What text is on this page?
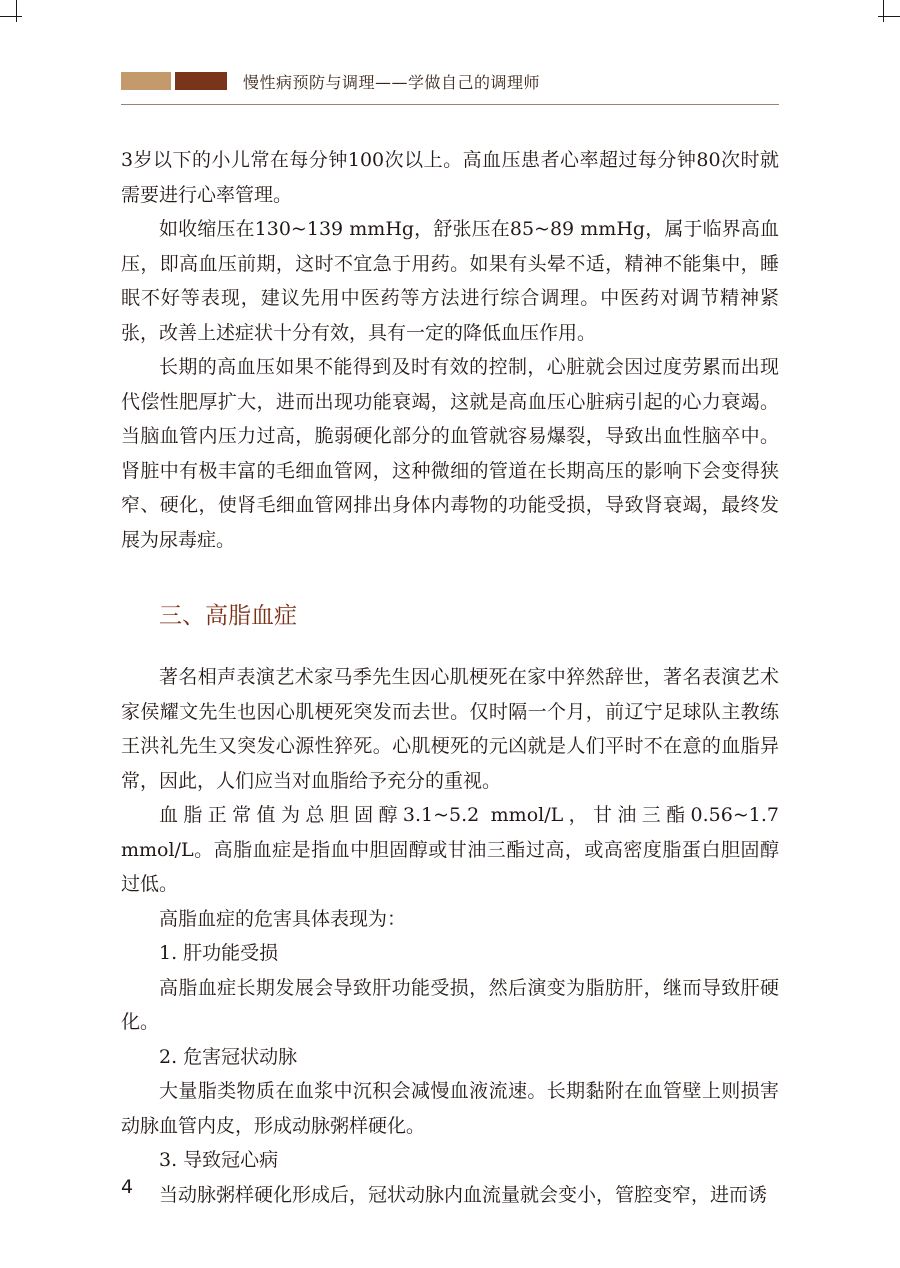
慢性病预防与调理——学做自己的调理师

3岁以下的小儿常在每分钟100次以上。高血压患者心率超过每分钟80次时就需要进行心率管理。

如收缩压在130~139 mmHg，舒张压在85~89 mmHg，属于临界高血压，即高血压前期，这时不宜急于用药。如果有头晕不适，精神不能集中，睡眠不好等表现，建议先用中医药等方法进行综合调理。中医药对调节精神紧张，改善上述症状十分有效，具有一定的降低血压作用。

长期的高血压如果不能得到及时有效的控制，心脏就会因过度劳累而出现代偿性肥厚扩大，进而出现功能衰竭，这就是高血压心脏病引起的心力衰竭。当脑血管内压力过高，脆弱硬化部分的血管就容易爆裂，导致出血性脑卒中。肾脏中有极丰富的毛细血管网，这种微细的管道在长期高压的影响下会变得狭窄、硬化，使肾毛细血管网排出身体内毒物的功能受损，导致肾衰竭，最终发展为尿毒症。

三、高脂血症

著名相声表演艺术家马季先生因心肌梗死在家中猝然辞世，著名表演艺术家侯耀文先生也因心肌梗死突发而去世。仅时隔一个月，前辽宁足球队主教练王洪礼先生又突发心源性猝死。心肌梗死的元凶就是人们平时不在意的血脂异常，因此，人们应当对血脂给予充分的重视。

血脂正常值为总胆固醇3.1~5.2 mmol/L，甘油三酯0.56~1.7 mmol/L。高脂血症是指血中胆固醇或甘油三酯过高，或高密度脂蛋白胆固醇过低。

高脂血症的危害具体表现为：

1. 肝功能受损

高脂血症长期发展会导致肝功能受损，然后演变为脂肪肝，继而导致肝硬化。

2. 危害冠状动脉

大量脂类物质在血浆中沉积会减慢血液流速。长期黏附在血管壁上则损害动脉血管内皮，形成动脉粥样硬化。

3. 导致冠心病

当动脉粥样硬化形成后，冠状动脉内血流量就会变小，管腔变窄，进而诱

4
